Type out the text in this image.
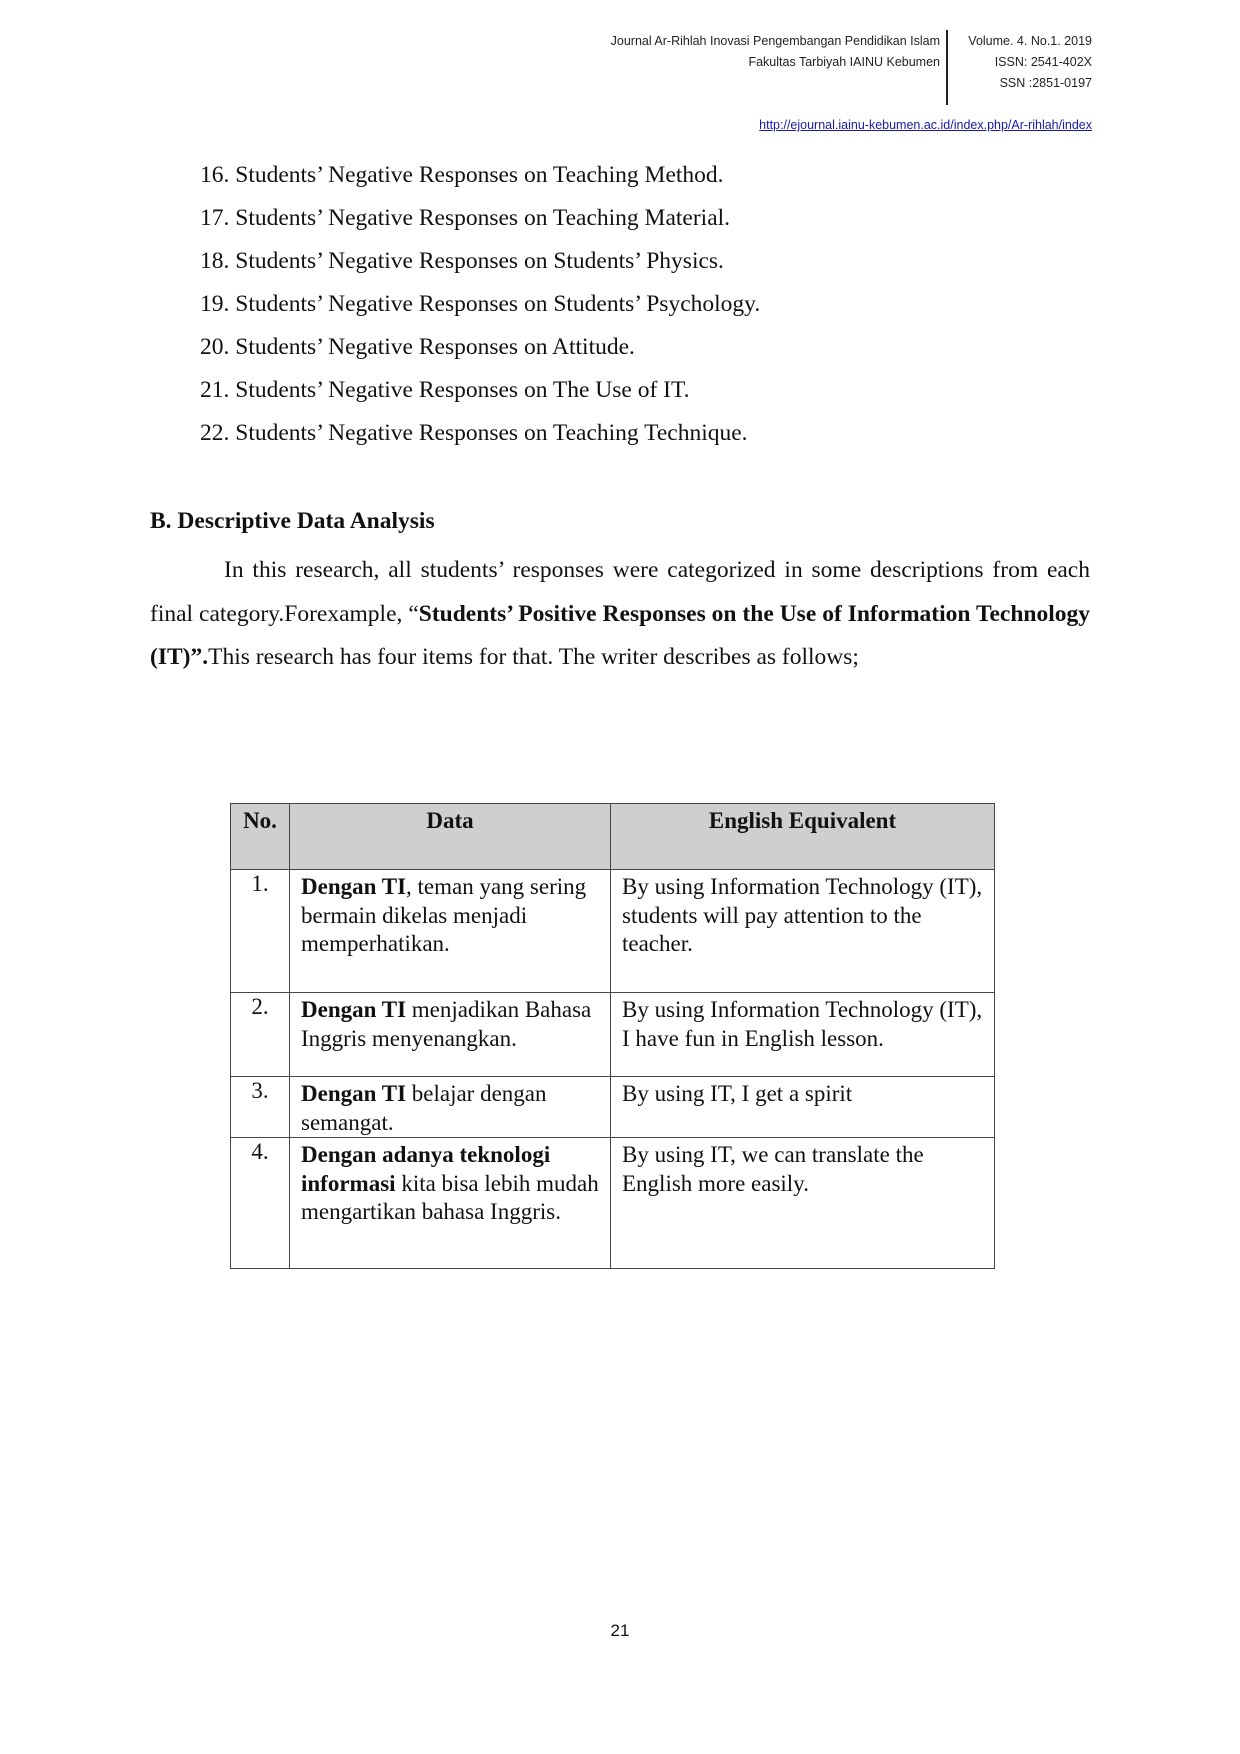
Journal Ar-Rihlah Inovasi Pengembangan Pendidikan Islam
Fakultas Tarbiyah IAINU Kebumen
Volume. 4. No.1. 2019
ISSN: 2541-402X
SSN :2851-0197
http://ejournal.iainu-kebumen.ac.id/index.php/Ar-rihlah/index
16. Students’ Negative Responses on Teaching Method.
17. Students’ Negative Responses on Teaching Material.
18. Students’ Negative Responses on Students’ Physics.
19. Students’ Negative Responses on Students’ Psychology.
20. Students’ Negative Responses on Attitude.
21. Students’ Negative Responses on The Use of IT.
22. Students’ Negative Responses on Teaching Technique.
B. Descriptive Data Analysis

In this research, all students’ responses were categorized in some descriptions from each final category.Forexample, “Students’ Positive Responses on the Use of Information Technology (IT)”.This research has four items for that. The writer describes as follows;

No.	Data	English Equivalent
1.	Dengan TI, teman yang sering bermain dikelas menjadi memperhatikan.	By using Information Technology (IT), students will pay attention to the teacher.
2.	Dengan TI menjadikan Bahasa Inggris menyenangkan.	By using Information Technology (IT), I have fun in English lesson.
3.	Dengan TI belajar dengan semangat.	By using IT, I get a spirit
4.	Dengan adanya teknologi informasi kita bisa lebih mudah mengartikan bahasa Inggris.	By using IT, we can translate the English more easily.
21
